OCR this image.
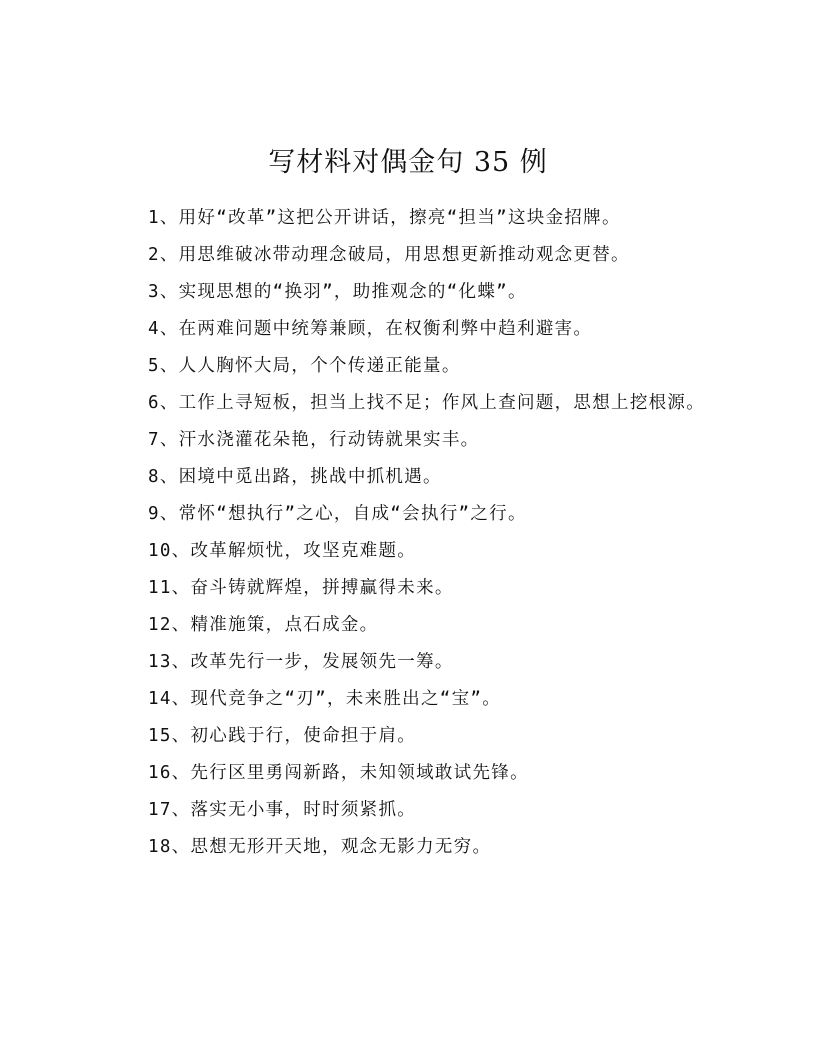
写材料对偶金句 35 例

1、用好“改革”这把公开讲话，擦亮“担当”这块金招牌。

2、用思维破冰带动理念破局，用思想更新推动观念更替。

3、实现思想的“换羽”，助推观念的“化蝶”。

4、在两难问题中统筹兼顾，在权衡利弊中趋利避害。

5、人人胸怀大局，个个传递正能量。

6、工作上寻短板，担当上找不足；作风上查问题，思想上挖根源。

7、汗水浇灌花朵艳，行动铸就果实丰。

8、困境中觅出路，挑战中抓机遇。

9、常怀“想执行”之心，自成“会执行”之行。

10、改革解烦忧，攻坚克难题。

11、奋斗铸就辉煌，拼搏赢得未来。

12、精准施策，点石成金。

13、改革先行一步，发展领先一筹。

14、现代竞争之“刃”，未来胜出之“宝”。

15、初心践于行，使命担于肩。

16、先行区里勇闯新路，未知领域敢试先锋。

17、落实无小事，时时须紧抓。

18、思想无形开天地，观念无影力无穷。
